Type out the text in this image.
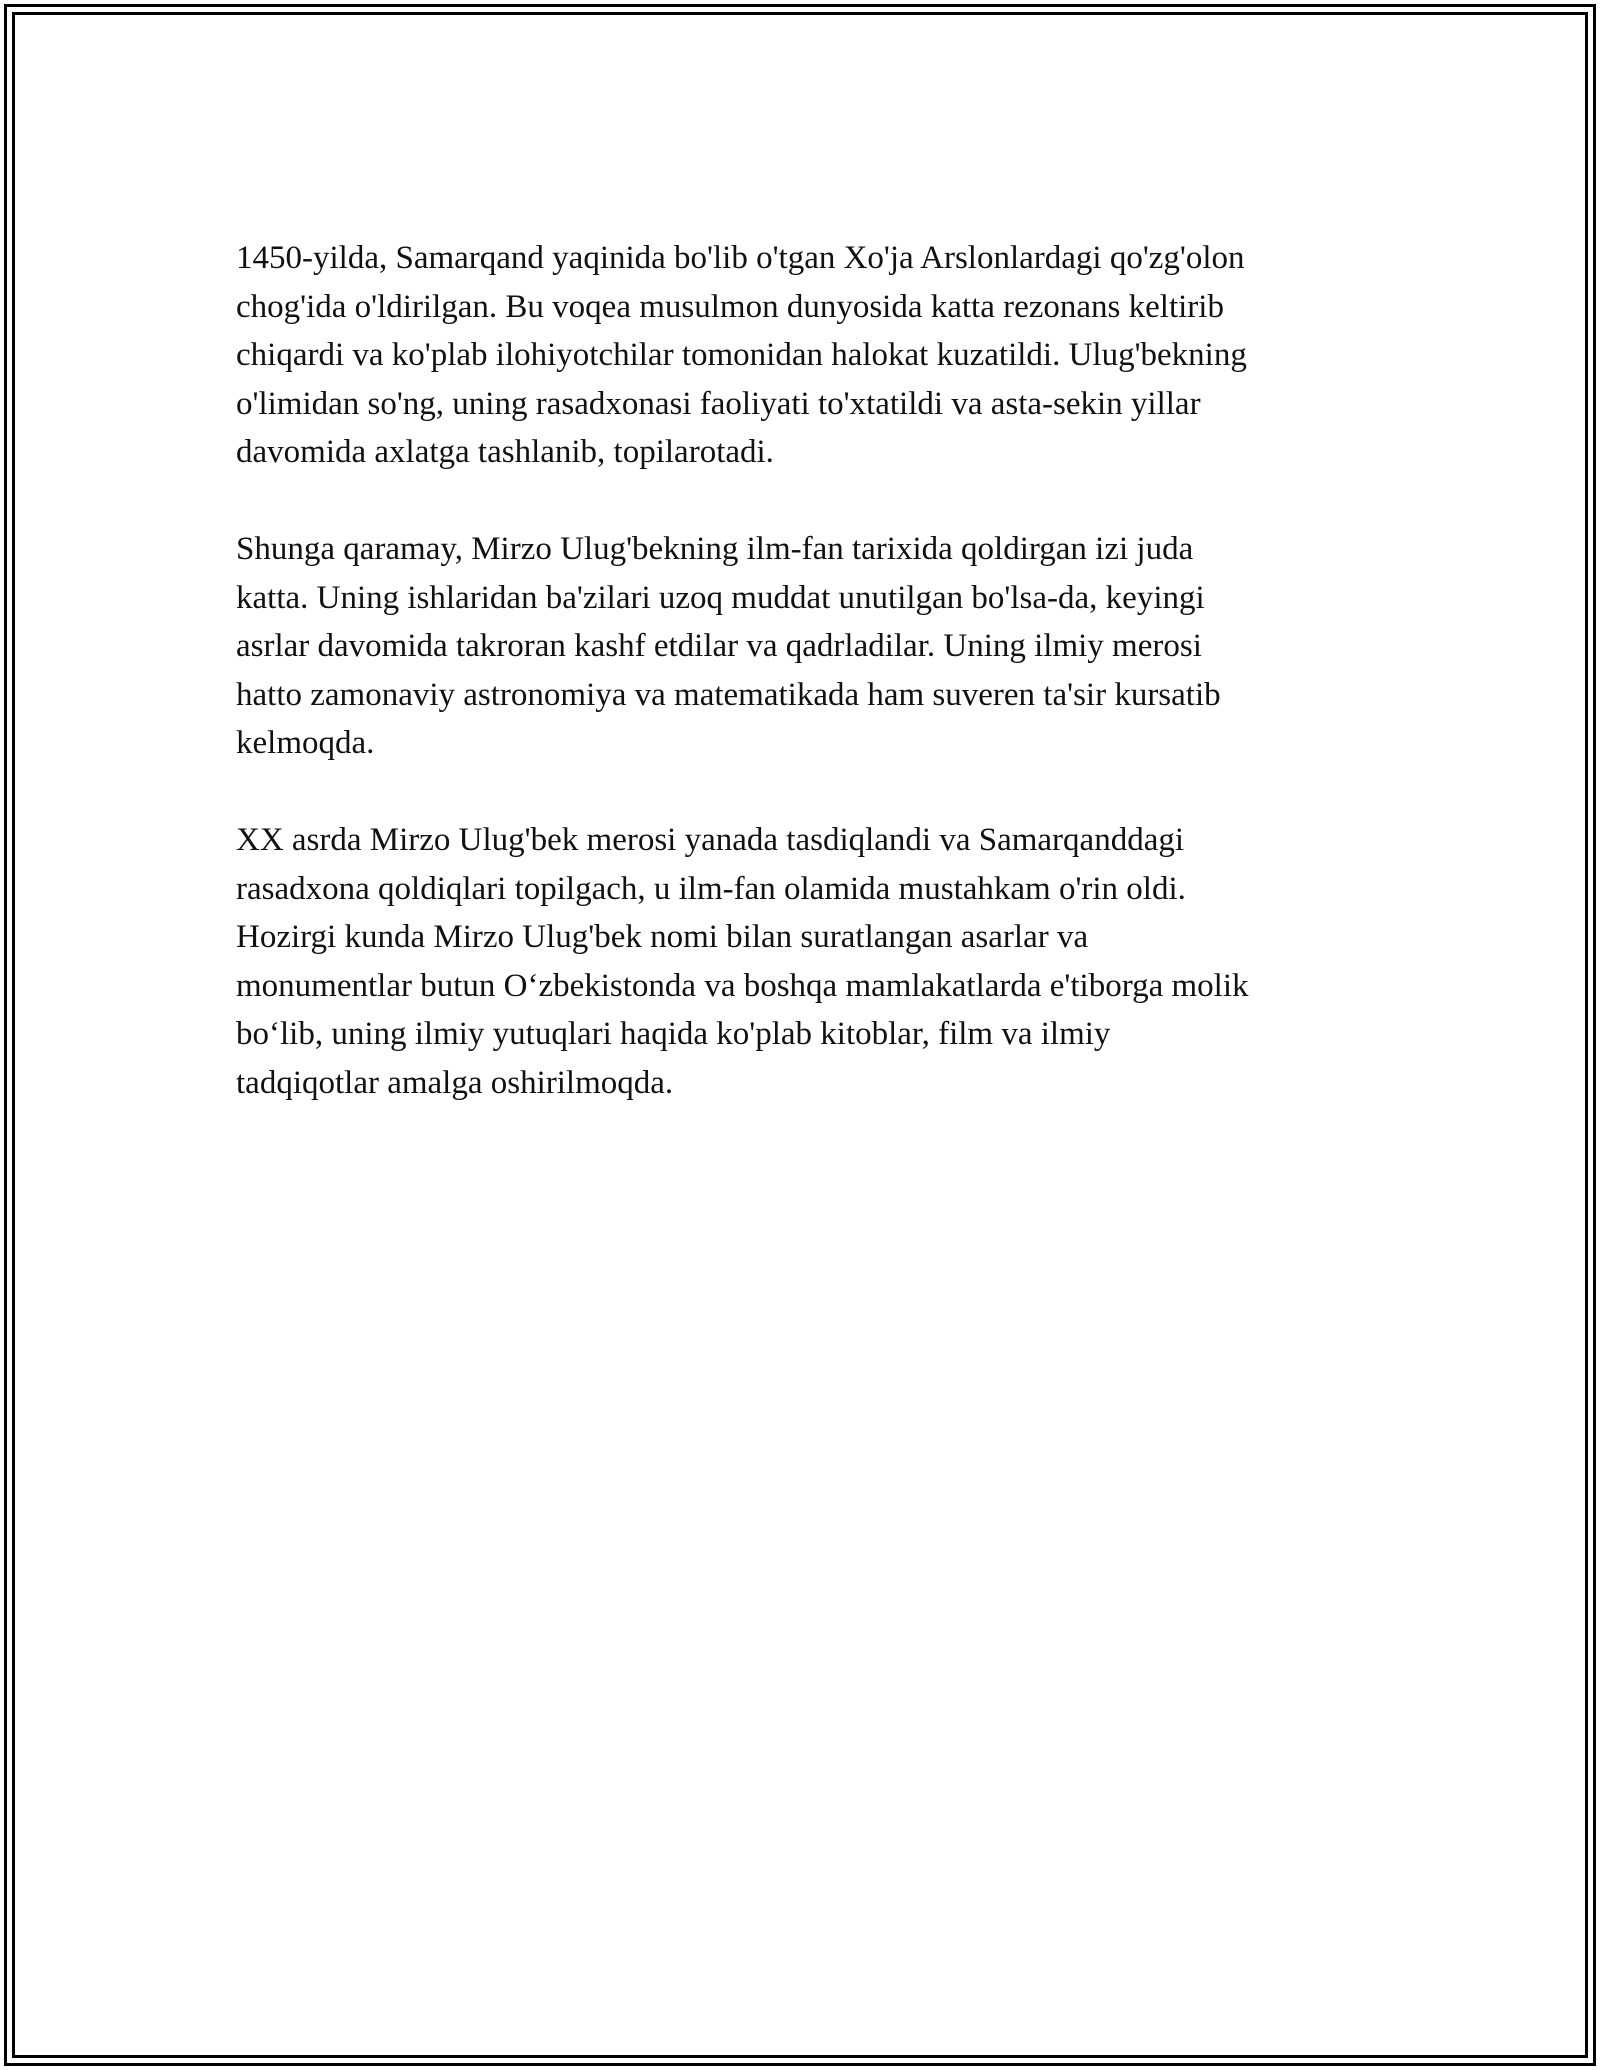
1450-yilda, Samarqand yaqinida bo'lib o'tgan Xo'ja Arslonlardagi qo'zg'olon
chog'ida o'ldirilgan. Bu voqea musulmon dunyosida katta rezonans keltirib
chiqardi va ko'plab ilohiyotchilar tomonidan halokat kuzatildi. Ulug'bekning
o'limidan so'ng, uning rasadxonasi faoliyati to'xtatildi va asta-sekin yillar
davomida axlatga tashlanib, topilarotadi.

Shunga qaramay, Mirzo Ulug'bekning ilm-fan tarixida qoldirgan izi juda
katta. Uning ishlaridan ba'zilari uzoq muddat unutilgan bo'lsa-da, keyingi
asrlar davomida takroran kashf etdilar va qadrladilar. Uning ilmiy merosi
hatto zamonaviy astronomiya va matematikada ham suveren ta'sir kursatib
kelmoqda.

XX asrda Mirzo Ulug'bek merosi yanada tasdiqlandi va Samarqanddagi
rasadxona qoldiqlari topilgach, u ilm-fan olamida mustahkam o'rin oldi.
Hozirgi kunda Mirzo Ulug'bek nomi bilan suratlangan asarlar va
monumentlar butun O‘zbekistonda va boshqa mamlakatlarda e'tiborga molik
bo‘lib, uning ilmiy yutuqlari haqida ko'plab kitoblar, film va ilmiy
tadqiqotlar amalga oshirilmoqda.
